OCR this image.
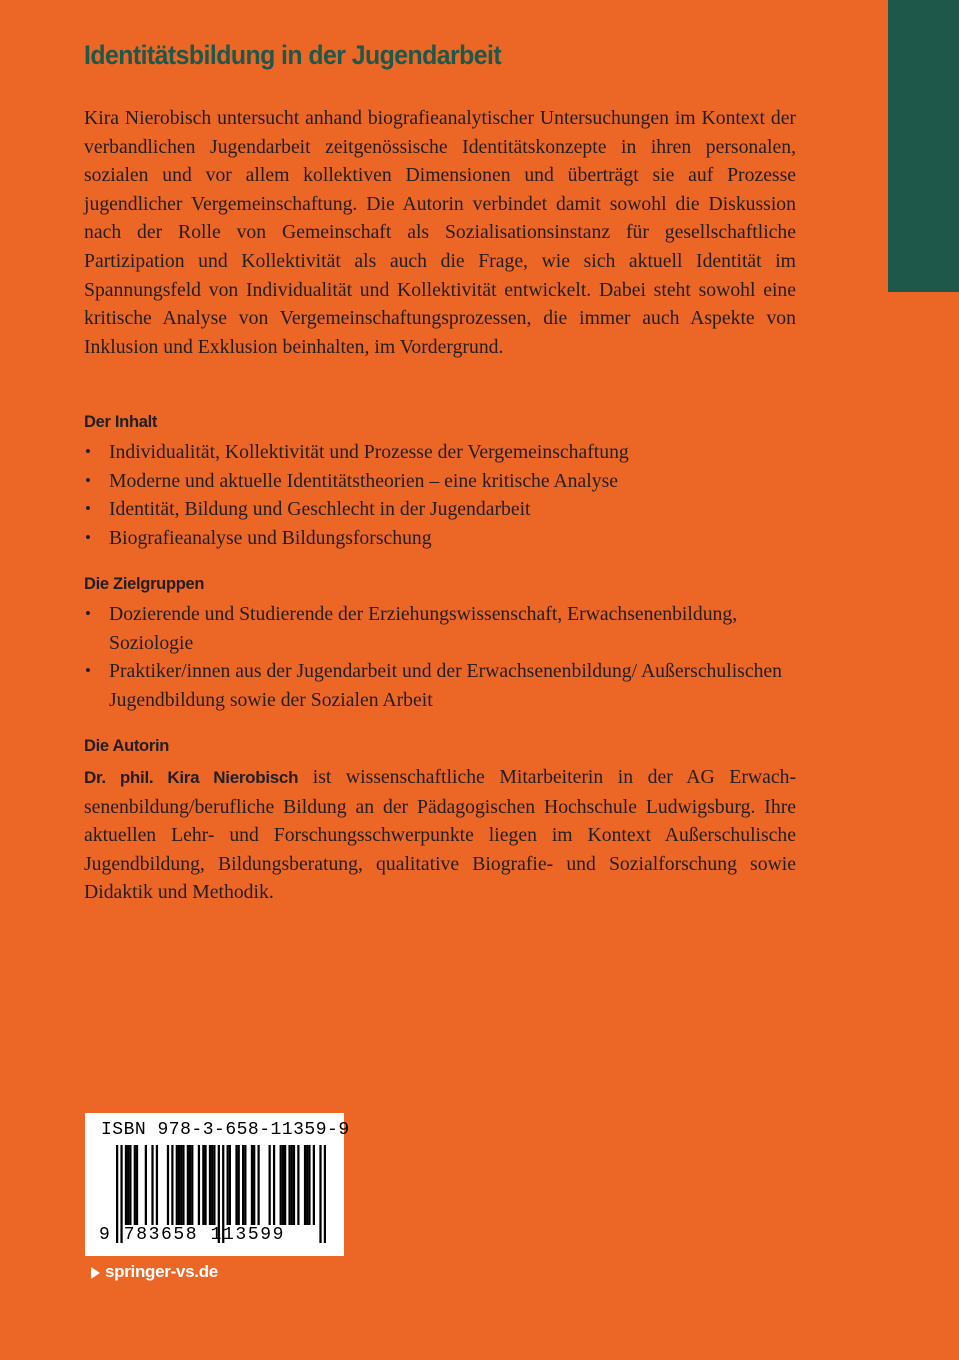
Identitätsbildung in der Jugendarbeit
Kira Nierobisch untersucht anhand biografieanalytischer Untersuchungen im Kontext der verbandlichen Jugendarbeit zeitgenössische Identitätskonzepte in ihren personalen, sozialen und vor allem kollektiven Dimensionen und überträgt sie auf Prozesse jugendlicher Vergemeinschaftung. Die Autorin verbindet damit sowohl die Diskussion nach der Rolle von Gemeinschaft als Sozialisationsinstanz für gesellschaftliche Partizipation und Kollektivität als auch die Frage, wie sich aktuell Identität im Spannungsfeld von Individualität und Kollektivität entwickelt. Dabei steht sowohl eine kritische Analyse von Vergemeinschaftungsprozessen, die immer auch Aspekte von Inklusion und Exklusion beinhalten, im Vordergrund.
Der Inhalt
• Individualität, Kollektivität und Prozesse der Vergemeinschaftung
• Moderne und aktuelle Identitätstheorien – eine kritische Analyse
• Identität, Bildung und Geschlecht in der Jugendarbeit
• Biografieanalyse und Bildungsforschung
Die Zielgruppen
• Dozierende und Studierende der Erziehungswissenschaft, Erwachsenenbildung, Soziologie
• Praktiker/innen aus der Jugendarbeit und der Erwachsenenbildung/ Außerschulischen Jugendbildung sowie der Sozialen Arbeit
Die Autorin
Dr. phil. Kira Nierobisch ist wissenschaftliche Mitarbeiterin in der AG Erwachsenenbildung/berufliche Bildung an der Pädagogischen Hochschule Ludwigsburg. Ihre aktuellen Lehr- und Forschungsschwerpunkte liegen im Kontext Außerschulische Jugendbildung, Bildungsberatung, qualitative Biografie- und Sozialforschung sowie Didaktik und Methodik.
ISBN 978-3-658-11359-9
9 783658 113599
springer-vs.de
